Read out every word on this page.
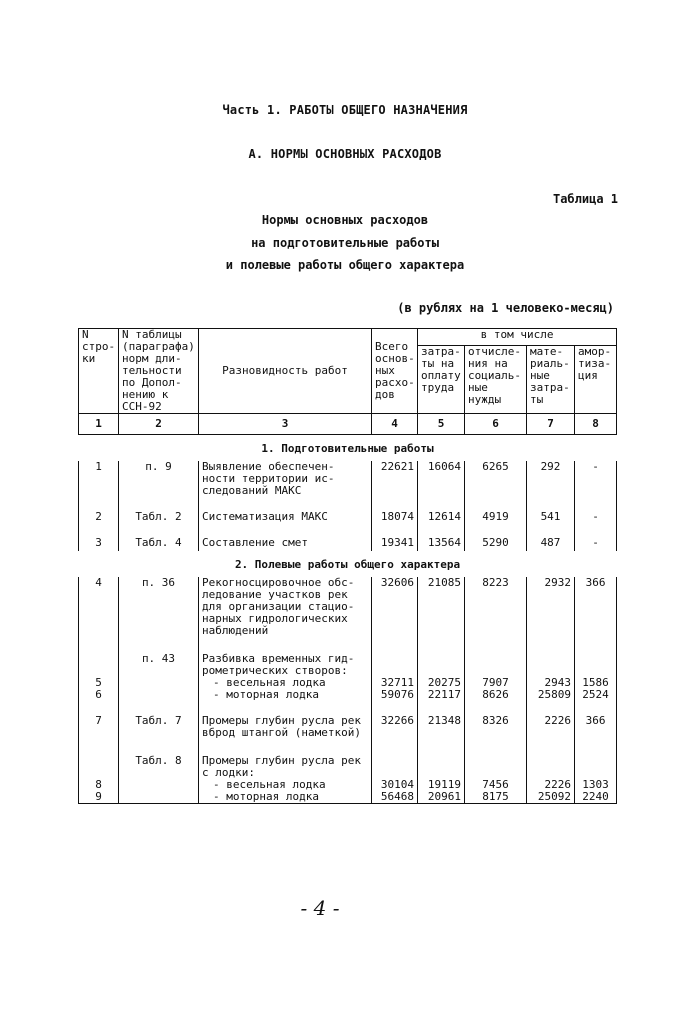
Часть 1. РАБОТЫ ОБЩЕГО НАЗНАЧЕНИЯ
А. НОРМЫ ОСНОВНЫХ РАСХОДОВ
Таблица 1
Нормы основных расходов
на подготовительные работы
и полевые работы общего характера
(в рублях на 1 человеко-месяц)
N стро- ки	N таблицы (параграфа) норм дли- тельности по Допол- нению к ССН-92	Разновидность работ	Всего основ- ных расхо- дов	в том числе			
				затра- ты на оплату труда	отчисле- ния на социаль- ные нужды	мате- риаль- ные затра- ты	амор- тиза- ция
1	2	3	4	5	6	7	8
1. Подготовительные работы							
1	п. 9	Выявление обеспечен- ности территории ис- следований МАКС	22621	16064	6265	292	-
2	Табл. 2	Систематизация МАКС	18074	12614	4919	541	-
3	Табл. 4	Составление смет	19341	13564	5290	487	-
2. Полевые работы общего характера							
4	п. 36	Рекогносцировочное обс- ледование участков рек для организации стацио- нарных гидрологических наблюдений	32606	21085	8223	2932	366
	п. 43	Разбивка временных гид- рометрических створов:					
5		- весельная лодка	32711	20275	7907	2943	1586
6		- моторная лодка	59076	22117	8626	25809	2524
7	Табл. 7	Промеры глубин русла рек вброд штангой (наметкой)	32266	21348	8326	2226	366
	Табл. 8	Промеры глубин русла рек с лодки:					
8		- весельная лодка	30104	19119	7456	2226	1303
9		- моторная лодка	56468	20961	8175	25092	2240
- 4 -
